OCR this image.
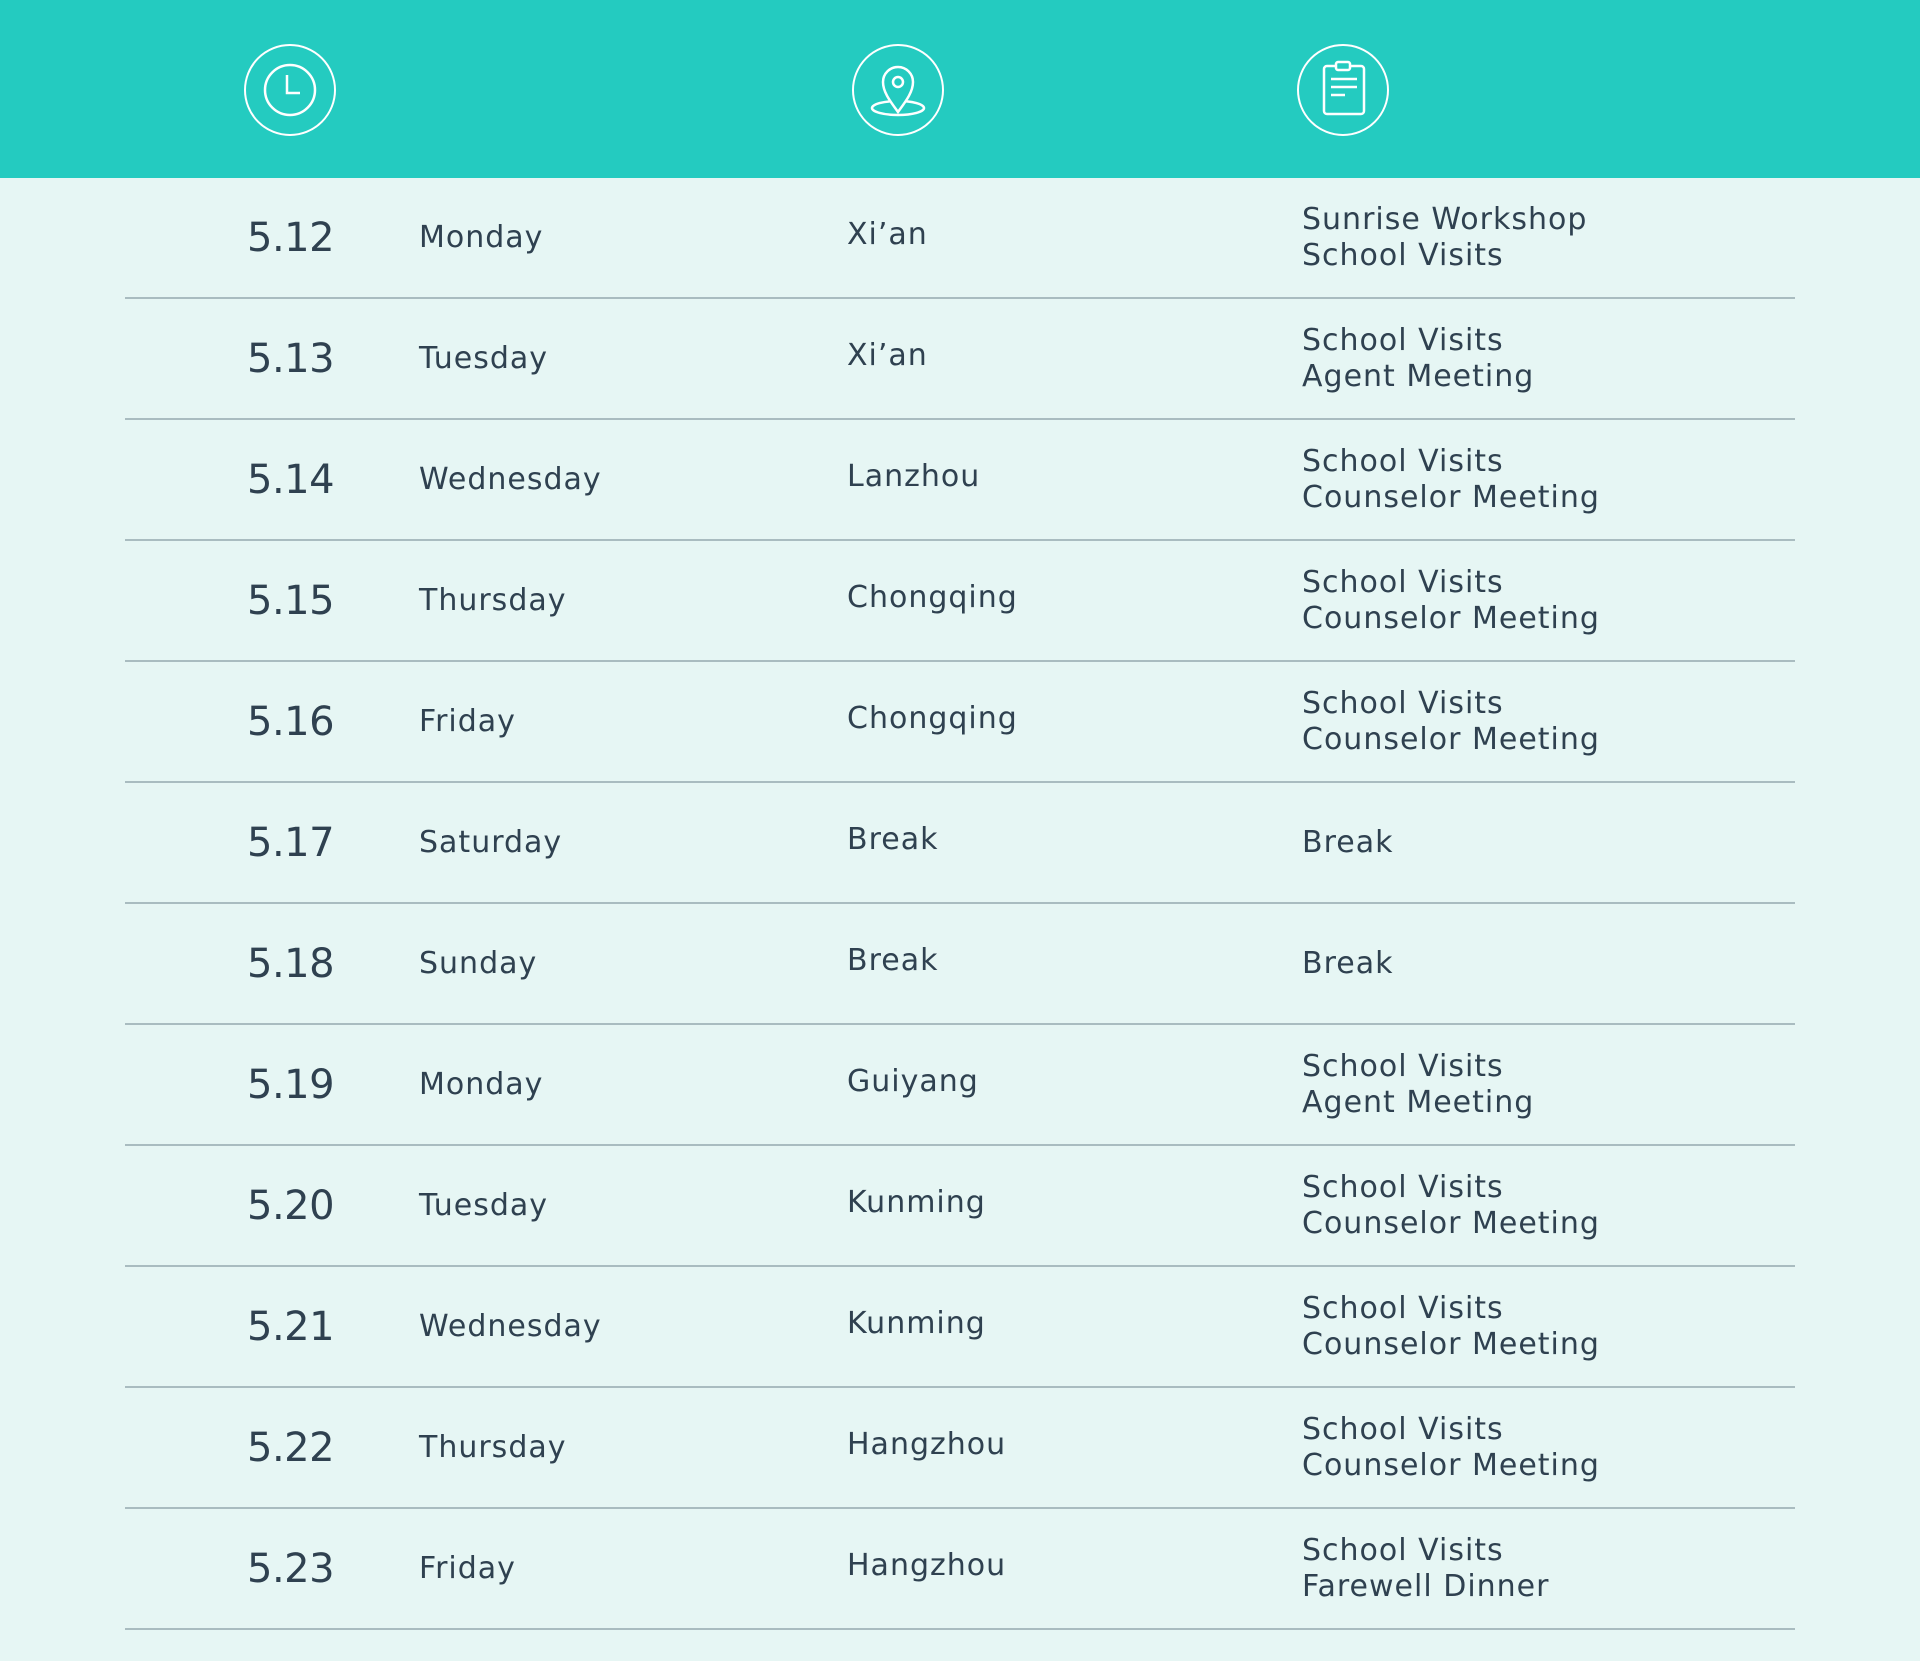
5.12	Monday	Xi’an	Sunrise Workshop
School Visits
5.13	Tuesday	Xi’an	School Visits
Agent Meeting
5.14	Wednesday	Lanzhou	School Visits
Counselor Meeting
5.15	Thursday	Chongqing	School Visits
Counselor Meeting
5.16	Friday	Chongqing	School Visits
Counselor Meeting
5.17	Saturday	Break	Break
5.18	Sunday	Break	Break
5.19	Monday	Guiyang	School Visits
Agent Meeting
5.20	Tuesday	Kunming	School Visits
Counselor Meeting
5.21	Wednesday	Kunming	School Visits
Counselor Meeting
5.22	Thursday	Hangzhou	School Visits
Counselor Meeting
5.23	Friday	Hangzhou	School Visits
Farewell Dinner
